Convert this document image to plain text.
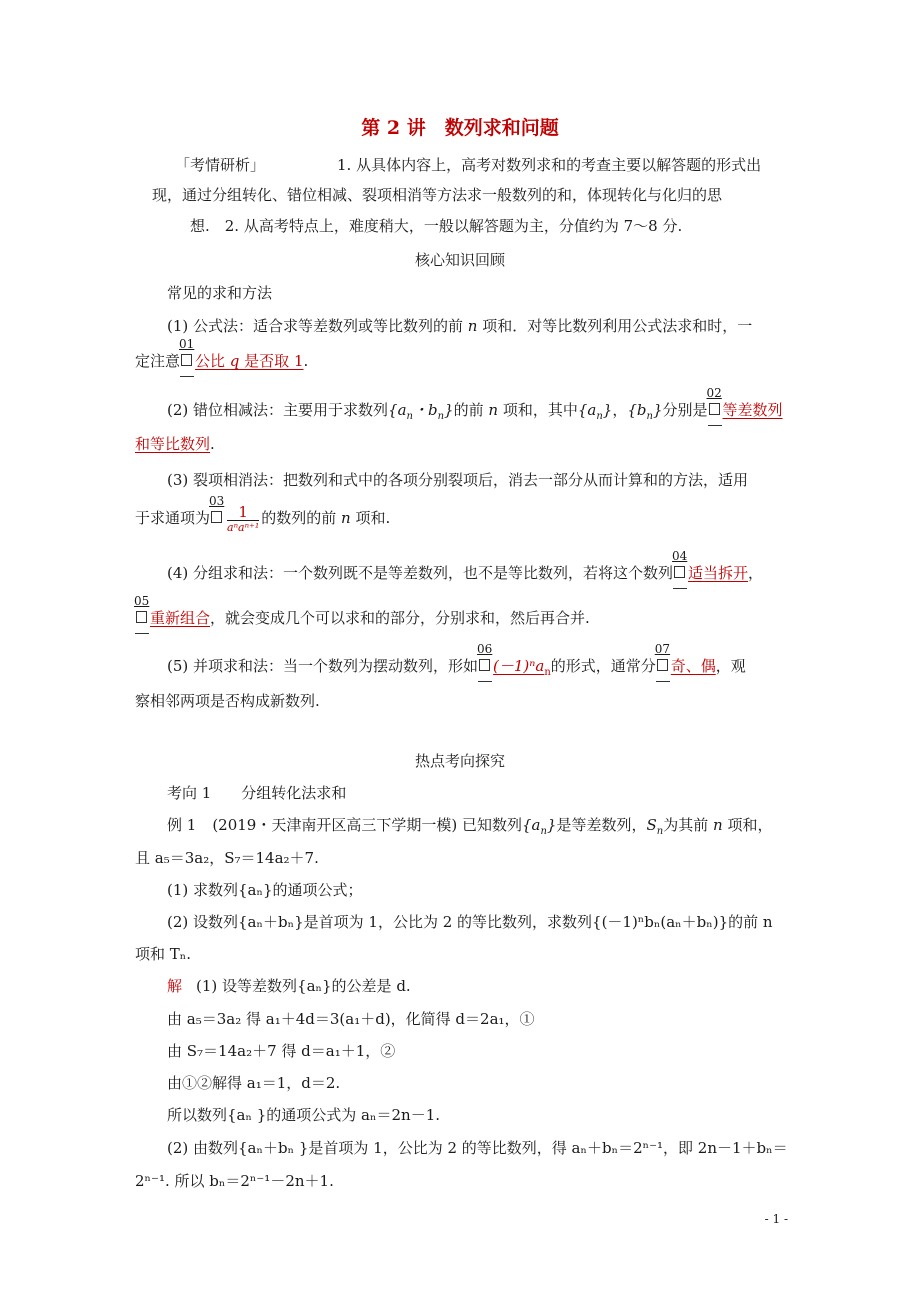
第 2 讲　数列求和问题
「考情研析」	1. 从具体内容上，高考对数列求和的考查主要以解答题的形式出
现，通过分组转化、错位相减、裂项相消等方法求一般数列的和，体现转化与化归的思
想.　2. 从高考特点上，难度稍大，一般以解答题为主，分值约为 7～8 分.
核心知识回顾
常见的求和方法
(1) 公式法：适合求等差数列或等比数列的前 n 项和．对等比数列利用公式法求和时，一
定注意
01
公比 q 是否取 1.
(2) 错位相减法：主要用于求数列{$a_n$・$b_n$}的前 n 项和，其中$\{a_n\}$，$\{b_n\}$分别是
02
等差数列
和等比数列.
(3) 裂项相消法：把数列和式中的各项分别裂项后，消去一部分从而计算和的方法，适用
于求通项为
03
$\frac{1}{\text{aⁿaⁿ⁺¹}}$ 的数列的前 n 项和.
(4) 分组求和法：一个数列既不是等差数列，也不是等比数列，若将这个数列
04
适当拆开，
05
重新组合，就会变成几个可以求和的部分，分别求和，然后再合并.
(5) 并项求和法：当一个数列为摆动数列，形如
06
(－1)ⁿa$_n$的形式，通常分
07
奇、偶，观
察相邻两项是否构成新数列.
热点考向探究
考向 1　　分组转化法求和
例 1 (2019・天津南开区高三下学期一模) 已知数列$\{a_n\}$是等差数列，$S_n$为其前 n 项和，
且 a₅＝3a₂，S₇＝14a₂＋7.
(1) 求数列{aₙ}的通项公式；
(2) 设数列{aₙ＋bₙ}是首项为 1，公比为 2 的等比数列，求数列{(－1)ⁿbₙ(aₙ＋bₙ)}的前 n
项和 Tₙ.
解 (1) 设等差数列{aₙ}的公差是 d.
由 a₅＝3a₂ 得 a₁＋4d＝3(a₁＋d)，化简得 d＝2a₁，①
由 S₇＝14a₂＋7 得 d＝a₁＋1，②
由①②解得 a₁＝1，d＝2.
所以数列{aₙ }的通项公式为 aₙ＝2n－1.
(2) 由数列{aₙ＋bₙ }是首项为 1，公比为 2 的等比数列，得 aₙ＋bₙ＝2ⁿ⁻¹，即 2n－1＋bₙ＝
2ⁿ⁻¹. 所以 bₙ＝2ⁿ⁻¹－2n＋1.
- 1 -
